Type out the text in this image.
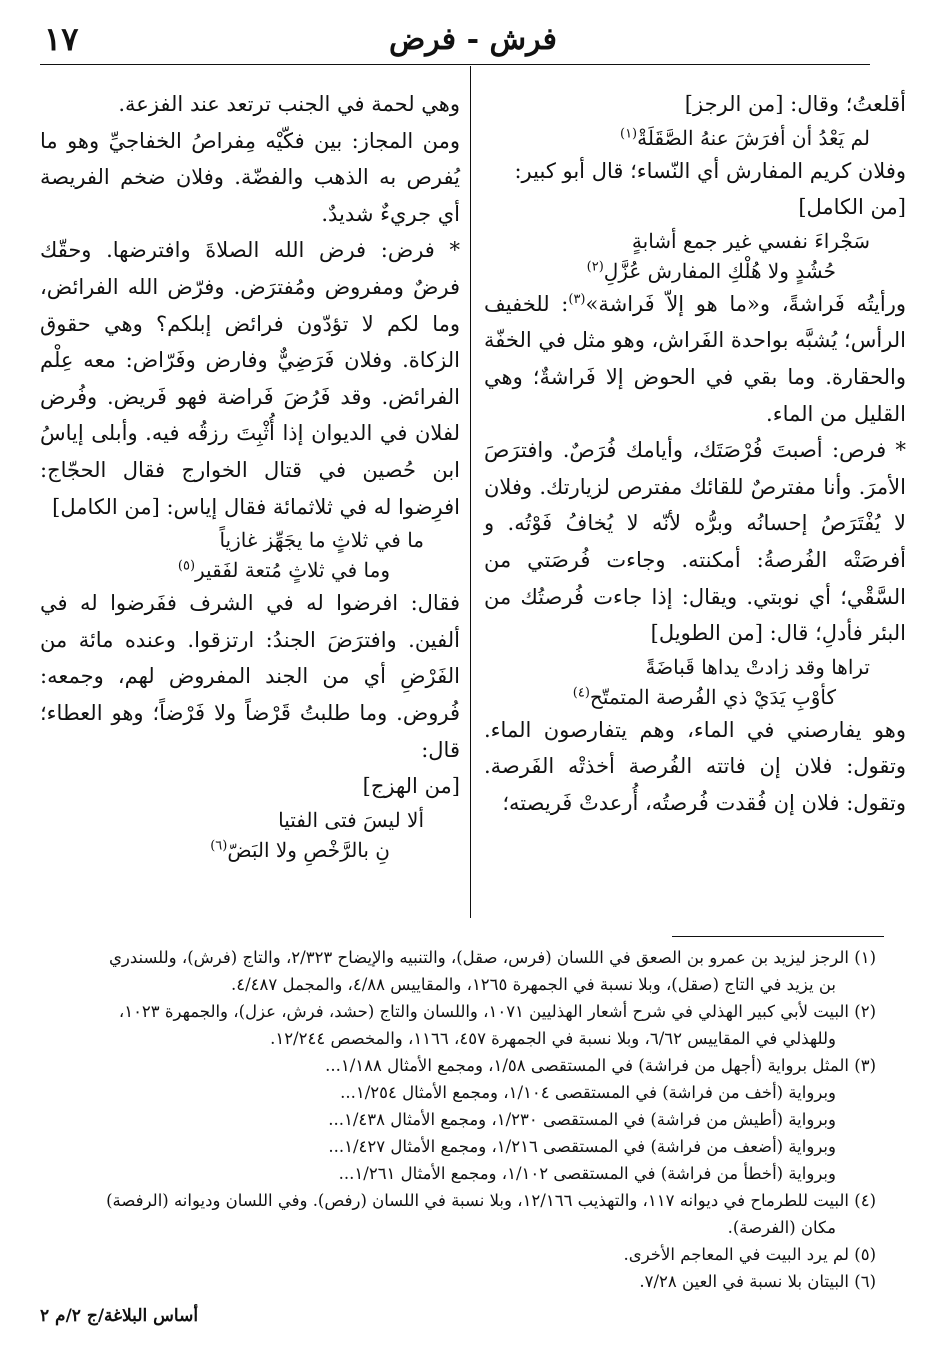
فرش - فرض
١٧

أقلعتُ؛ وقال: [من الرجز]

لم يَعْدُ أن أفرَشَ عنهُ الصَّقَلَةْ$^{(١)}$

وفلان كريم المفارش أي النّساء؛ قال أبو كبير:

[من الكامل]

سَجْراءَ نفسي غير جمع أشابةٍ

حُشُدٍ ولا هُلْكِ المفارش عُزَّلِ$^{(٢)}$

ورأيتُه فَراشةً، و«ما هو إلاّ فَراشة»$^{(٣)}$: للخفيف الرأس؛ يُشبَّه بواحدة الفَراش، وهو مثل في الخفّة والحقارة. وما بقي في الحوض إلا فَراشةٌ؛ وهي القليل من الماء.

* فرص: أصبتَ فُرْصَتَك، وأيامك فُرَصٌ. وافترَصَ الأمرَ. وأنا مفترصٌ للقائك مفترص لزيارتك. وفلان لا يُفْتَرَصُ إحسانُه وبرُّه لأنّه لا يُخافُ فَوْتُه. و أفرصَتْه الفُرصةُ: أمكنته. وجاءت فُرصَتي من السَّقْي؛ أي نوبتي. ويقال: إذا جاءت فُرصتُك من البئر فأدلِ؛ قال: [من الطويل]

تراها وقد زادتْ يداها قَباضَةً

كأوْبِ يَدَيْ ذي الفُرصة المتمتّح$^{(٤)}$

وهو يفارصني في الماء، وهم يتفارصون الماء. وتقول: فلان إن فاتته الفُرصة أخذتْه الفَرصة. وتقول: فلان إن فُقدت فُرصتُه، أُرعدتْ فَريصته؛

وهي لحمة في الجنب ترتعد عند الفزعة.

ومن المجاز: بين فكّيْه مِفراصُ الخفاجيِّ وهو ما يُفرص به الذهب والفضّة. وفلان ضخم الفريصة أي جريءٌ شديدٌ.

* فرض: فرض الله الصلاةَ وافترضها. وحقّك فرضٌ ومفروض ومُفترَض. وفرّض الله الفرائض، وما لكم لا تؤدّون فرائض إبلكم؟ وهي حقوق الزكاة. وفلان فَرَضِيٌّ وفارض وفَرّاض: معه عِلْم الفرائض. وقد فَرُضَ فَراضة فهو فَريض. وفُرض لفلان في الديوان إذا أُثْبِتَ رزقُه فيه. وأبلى إياسُ ابن حُصين في قتال الخوارج فقال الحجّاج: افرِضوا له في ثلاثمائة فقال إياس: [من الكامل]

ما في ثلاثٍ ما يجَهِّز غازياً

وما في ثلاثٍ مُتعة لفَقير$^{(٥)}$

فقال: افرضوا له في الشرف ففَرضوا له في ألفين. وافترَضَ الجندُ: ارتزقوا. وعنده مائة من الفَرْضِ أي من الجند المفروض لهم، وجمعه: فُروض. وما طلبتُ قَرْضاً ولا فَرْضاً؛ وهو العطاء؛ قال:

[من الهزج]

ألا ليسَ فتى الفتيا

نِ بالرَّخْصِ ولا البَضّ$^{(٦)}$

(١) الرجز ليزيد بن عمرو بن الصعق في اللسان (فرس، صقل)، والتنبيه والإيضاح ٢/٣٢٣، والتاج (فرش)، وللسندري

بن يزيد في التاج (صقل)، وبلا نسبة في الجمهرة ١٢٦٥، والمقاييس ٤/٨٨، والمجمل ٤/٤٨٧.

(٢) البيت لأبي كبير الهذلي في شرح أشعار الهذليين ١٠٧١، واللسان والتاج (حشد، فرش، عزل)، والجمهرة ١٠٢٣،

وللهذلي في المقاييس ٦/٦٢، وبلا نسبة في الجمهرة ٤٥٧، ١١٦٦، والمخصص ١٢/٢٤٤.

(٣) المثل برواية (أجهل من فراشة) في المستقصى ١/٥٨، ومجمع الأمثال ١/١٨٨...

وبرواية (أخف من فراشة) في المستقصى ١/١٠٤، ومجمع الأمثال ١/٢٥٤...

وبرواية (أطيش من فراشة) في المستقصى ١/٢٣٠، ومجمع الأمثال ١/٤٣٨...

وبرواية (أضعف من فراشة) في المستقصى ١/٢١٦، ومجمع الأمثال ١/٤٢٧...

وبرواية (أخطأ من فراشة) في المستقصى ١/١٠٢، ومجمع الأمثال ١/٢٦١...

(٤) البيت للطرماح في ديوانه ١١٧، والتهذيب ١٢/١٦٦، وبلا نسبة في اللسان (رفص). وفي اللسان وديوانه (الرفصة)

مكان (الفرصة).

(٥) لم يرد البيت في المعاجم الأخرى.

(٦) البيتان بلا نسبة في العين ٧/٢٨.

أساس البلاغة/ج ٢/م ٢
